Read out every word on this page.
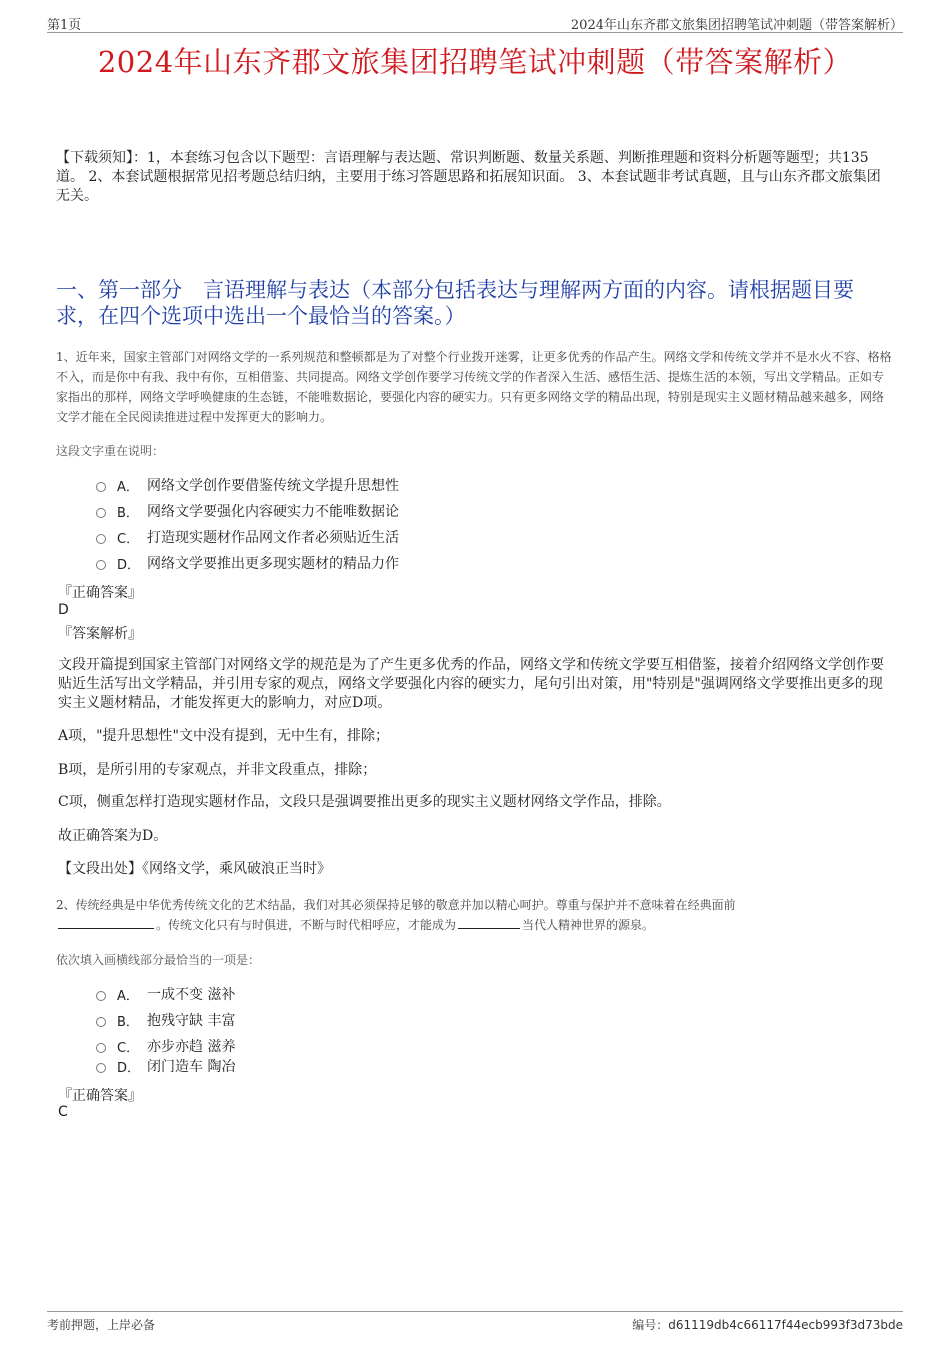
第1页	2024年山东齐郡文旅集团招聘笔试冲刺题（带答案解析）
2024年山东齐郡文旅集团招聘笔试冲刺题（带答案解析）
【下载须知】：1，本套练习包含以下题型：言语理解与表达题、常识判断题、数量关系题、判断推理题和资料分析题等题型；共135道。 2、本套试题根据常见招考题总结归纳，主要用于练习答题思路和拓展知识面。 3、本套试题非考试真题，且与山东齐郡文旅集团无关。
一、第一部分　言语理解与表达（本部分包括表达与理解两方面的内容。请根据题目要求，在四个选项中选出一个最恰当的答案。）
1、近年来，国家主管部门对网络文学的一系列规范和整顿都是为了对整个行业拨开迷雾，让更多优秀的作品产生。网络文学和传统文学并不是水火不容、格格不入，而是你中有我、我中有你，互相借鉴、共同提高。网络文学创作要学习传统文学的作者深入生活、感悟生活、提炼生活的本领，写出文学精品。正如专家指出的那样，网络文学呼唤健康的生态链，不能唯数据论，要强化内容的硬实力。只有更多网络文学的精品出现，特别是现实主义题材精品越来越多，网络文学才能在全民阅读推进过程中发挥更大的影响力。
这段文字重在说明：
A． 网络文学创作要借鉴传统文学提升思想性
B． 网络文学要强化内容硬实力不能唯数据论
C． 打造现实题材作品网文作者必须贴近生活
D． 网络文学要推出更多现实题材的精品力作
『正确答案』
D
『答案解析』
文段开篇提到国家主管部门对网络文学的规范是为了产生更多优秀的作品，网络文学和传统文学要互相借鉴，接着介绍网络文学创作要贴近生活写出文学精品，并引用专家的观点，网络文学要强化内容的硬实力，尾句引出对策，用"特别是"强调网络文学要推出更多的现实主义题材精品，才能发挥更大的影响力，对应D项。
A项，"提升思想性"文中没有提到，无中生有，排除；
B项，是所引用的专家观点，并非文段重点，排除；
C项，侧重怎样打造现实题材作品，文段只是强调要推出更多的现实主义题材网络文学作品，排除。
故正确答案为D。
【文段出处】《网络文学，乘风破浪正当时》
2、传统经典是中华优秀传统文化的艺术结晶，我们对其必须保持足够的敬意并加以精心呵护。尊重与保护并不意味着在经典面前
。传统文化只有与时俱进，不断与时代相呼应，才能成为	当代人精神世界的源泉。
依次填入画横线部分最恰当的一项是：
A． 一成不变 滋补
B． 抱残守缺 丰富
C． 亦步亦趋 滋养
D． 闭门造车 陶冶
『正确答案』
C
考前押题，上岸必备	编号：d61119db4c66117f44ecb993f3d73bde
